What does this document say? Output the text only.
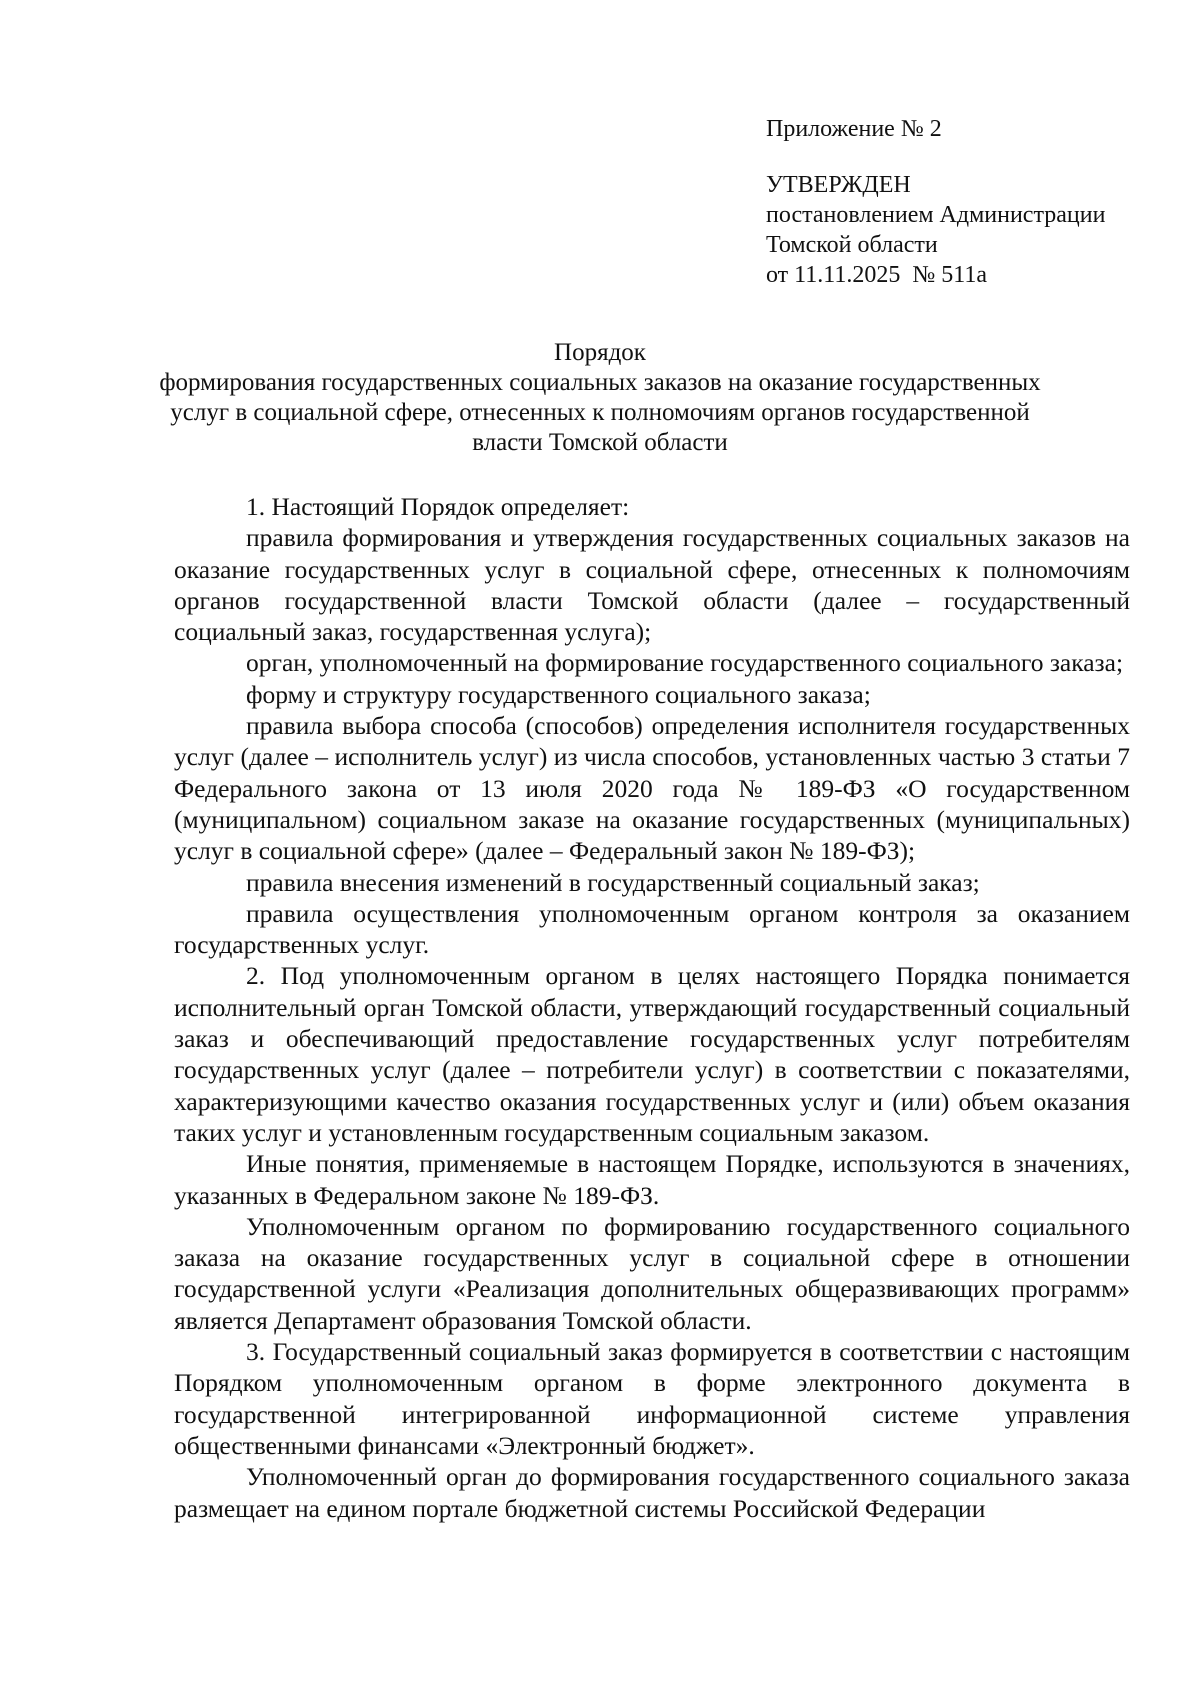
Приложение № 2
УТВЕРЖДЕН
постановлением Администрации
Томской области
от 11.11.2025  № 511а
Порядок
формирования государственных социальных заказов на оказание государственных
услуг в социальной сфере, отнесенных к полномочиям органов государственной
власти Томской области
1. Настоящий Порядок определяет:
правила формирования и утверждения государственных социальных заказов на оказание государственных услуг в социальной сфере, отнесенных к полномочиям органов государственной власти Томской области (далее – государственный социальный заказ, государственная услуга);
орган, уполномоченный на формирование государственного социального заказа;
форму и структуру государственного социального заказа;
правила выбора способа (способов) определения исполнителя государственных услуг (далее – исполнитель услуг) из числа способов, установленных частью 3 статьи 7 Федерального закона от 13 июля 2020 года № 189-ФЗ «О государственном (муниципальном) социальном заказе на оказание государственных (муниципальных) услуг в социальной сфере» (далее – Федеральный закон № 189-ФЗ);
правила внесения изменений в государственный социальный заказ;
правила осуществления уполномоченным органом контроля за оказанием государственных услуг.
2. Под уполномоченным органом в целях настоящего Порядка понимается исполнительный орган Томской области, утверждающий государственный социальный заказ и обеспечивающий предоставление государственных услуг потребителям государственных услуг (далее – потребители услуг) в соответствии с показателями, характеризующими качество оказания государственных услуг и (или) объем оказания таких услуг и установленным государственным социальным заказом.
Иные понятия, применяемые в настоящем Порядке, используются в значениях, указанных в Федеральном законе № 189-ФЗ.
Уполномоченным органом по формированию государственного социального заказа на оказание государственных услуг в социальной сфере в отношении государственной услуги «Реализация дополнительных общеразвивающих программ» является Департамент образования Томской области.
3. Государственный социальный заказ формируется в соответствии с настоящим Порядком уполномоченным органом в форме электронного документа в государственной интегрированной информационной системе управления общественными финансами «Электронный бюджет».
Уполномоченный орган до формирования государственного социального заказа размещает на едином портале бюджетной системы Российской Федерации
